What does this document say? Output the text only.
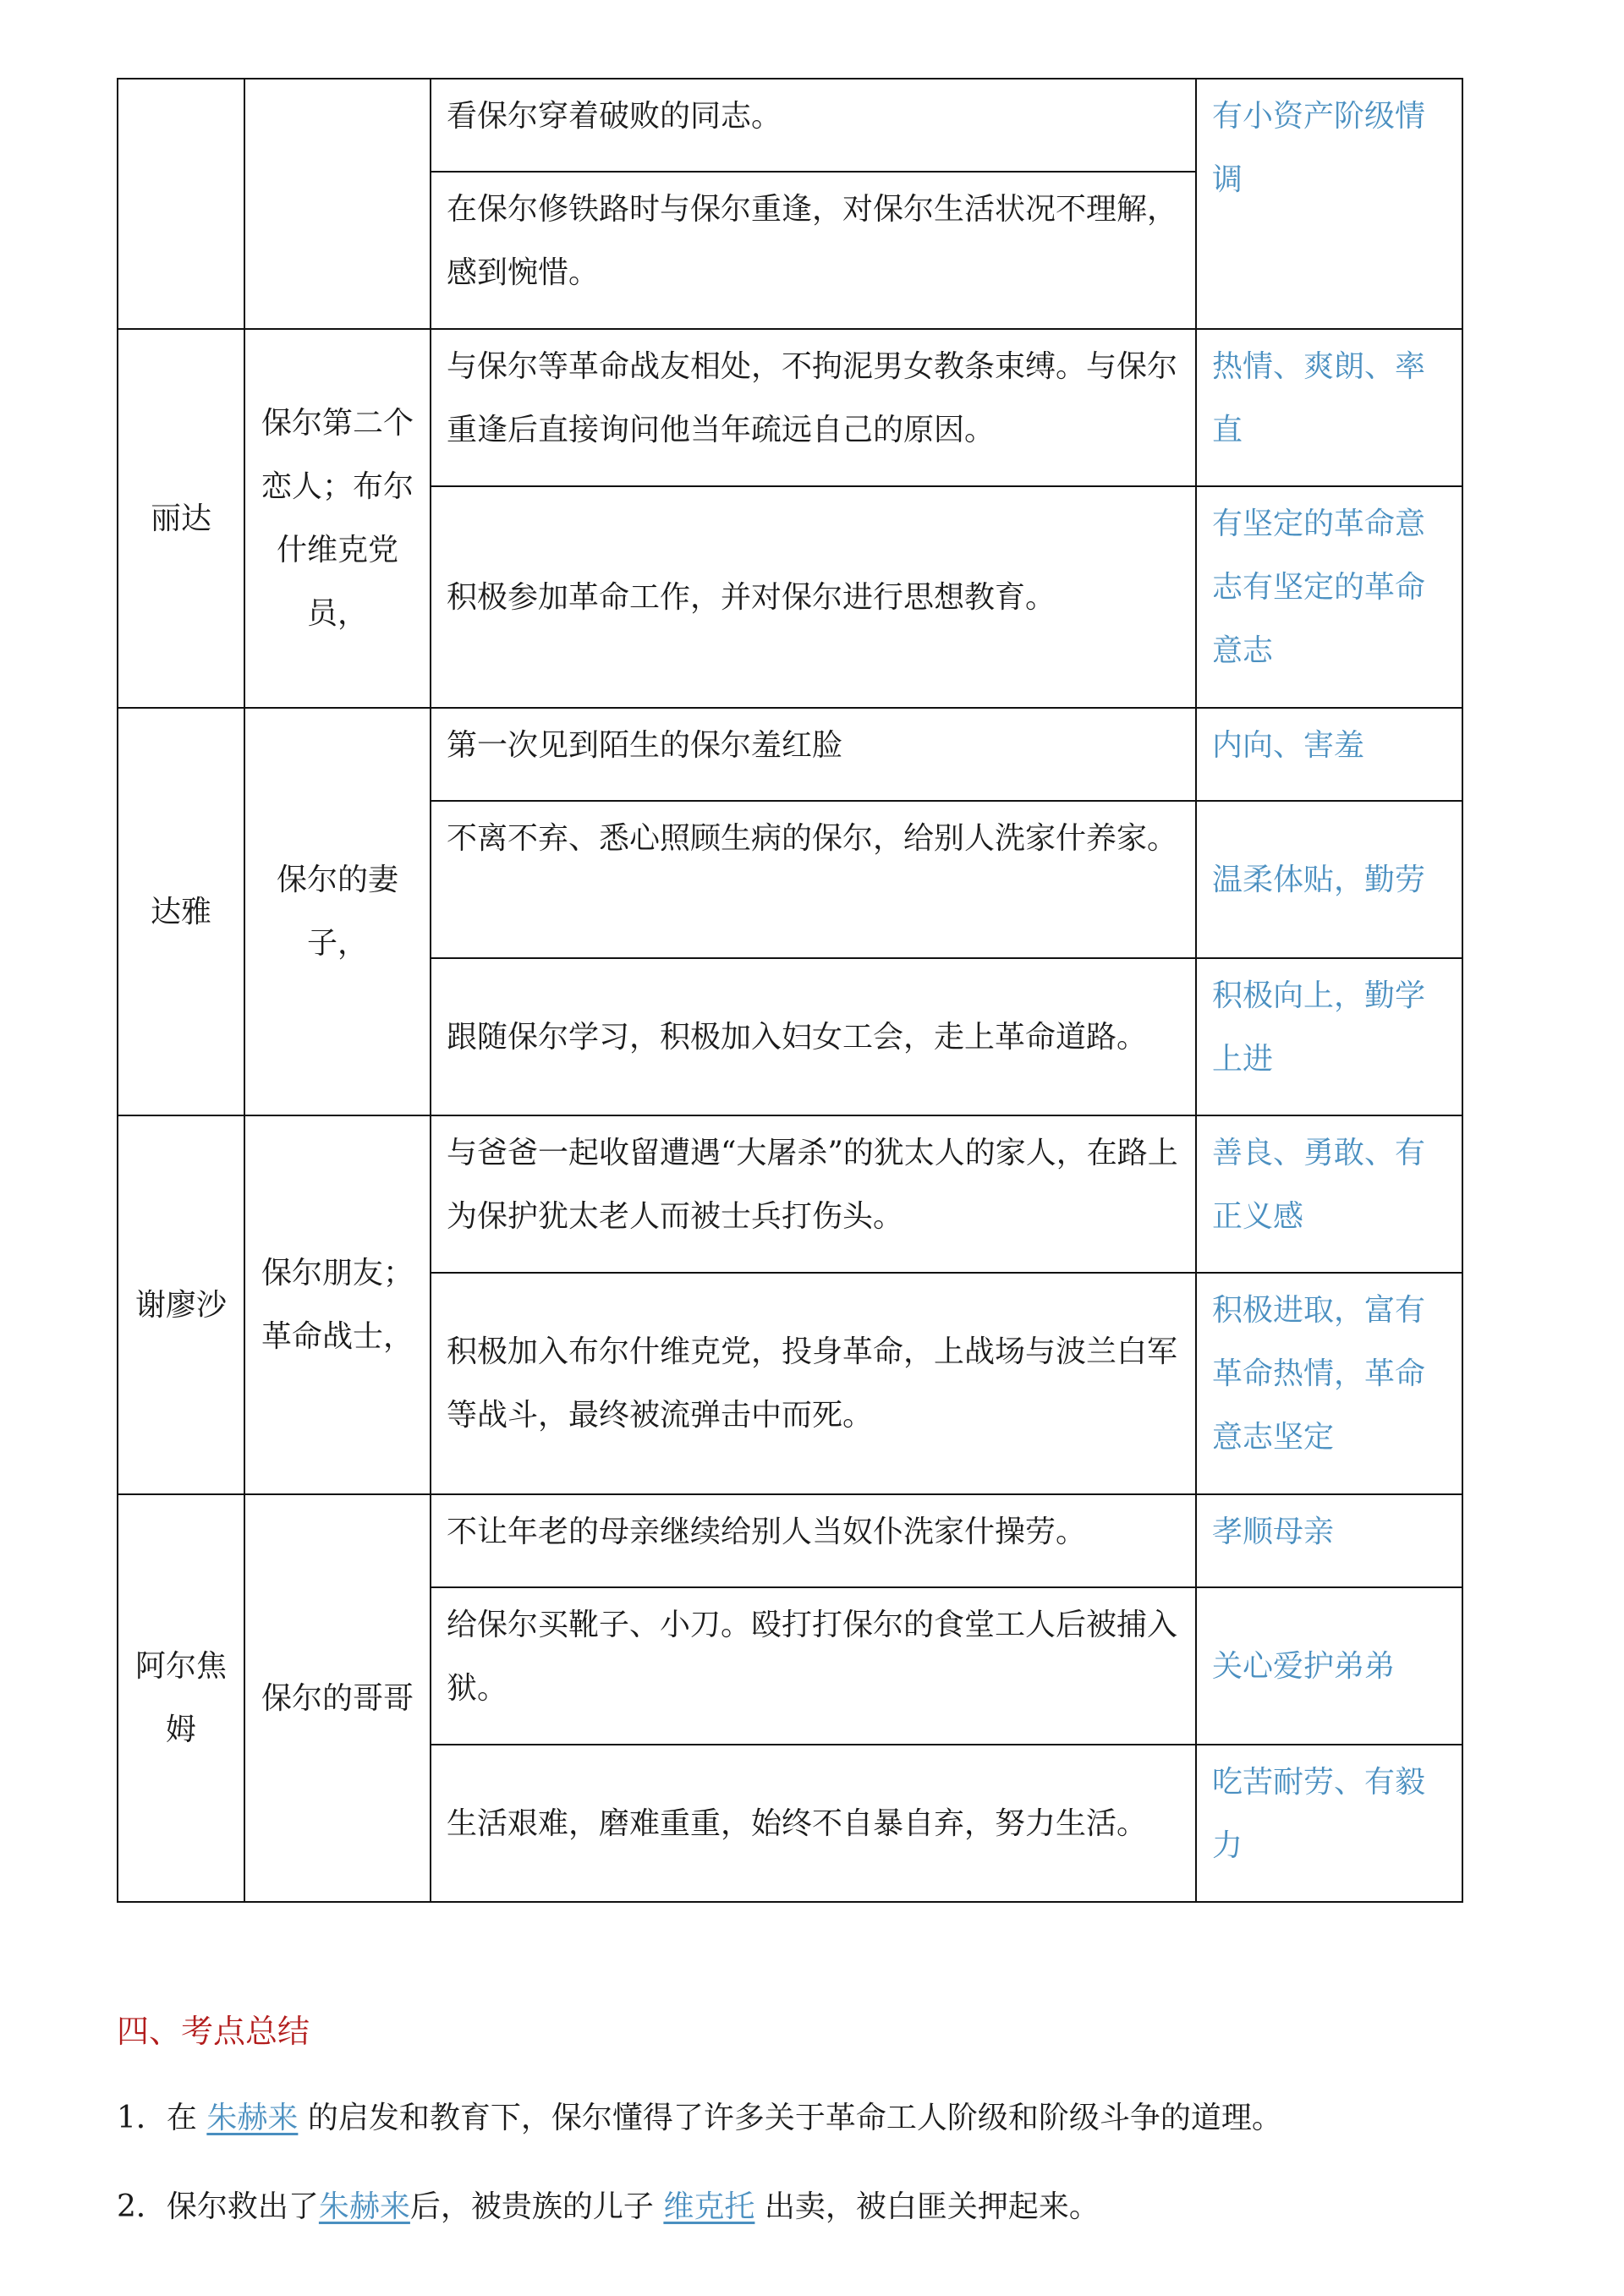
		看保尔穿着破败的同志。	有小资产阶级情调
		在保尔修铁路时与保尔重逢，对保尔生活状况不理解，感到惋惜。	
丽达	保尔第二个恋人；布尔什维克党员，	与保尔等革命战友相处，不拘泥男女教条束缚。与保尔重逢后直接询问他当年疏远自己的原因。	热情、爽朗、率直
		积极参加革命工作，并对保尔进行思想教育。	有坚定的革命意志有坚定的革命意志
达雅	保尔的妻子，	第一次见到陌生的保尔羞红脸	内向、害羞
		不离不弃、悉心照顾生病的保尔，给别人洗家什养家。	温柔体贴，勤劳
		跟随保尔学习，积极加入妇女工会，走上革命道路。	积极向上，勤学上进
谢廖沙	保尔朋友；革命战士，	与爸爸一起收留遭遇“大屠杀”的犹太人的家人，在路上为保护犹太老人而被士兵打伤头。	善良、勇敢、有正义感
		积极加入布尔什维克党，投身革命，上战场与波兰白军等战斗，最终被流弹击中而死。	积极进取，富有革命热情，革命意志坚定
阿尔焦姆	保尔的哥哥	不让年老的母亲继续给别人当奴仆洗家什操劳。	孝顺母亲
		给保尔买靴子、小刀。殴打打保尔的食堂工人后被捕入狱。	关心爱护弟弟
		生活艰难，磨难重重，始终不自暴自弃，努力生活。	吃苦耐劳、有毅力
四、考点总结

1．在 朱赫来 的启发和教育下，保尔懂得了许多关于革命工人阶级和阶级斗争的道理。

2．保尔救出了朱赫来后，被贵族的儿子 维克托 出卖，被白匪关押起来。
